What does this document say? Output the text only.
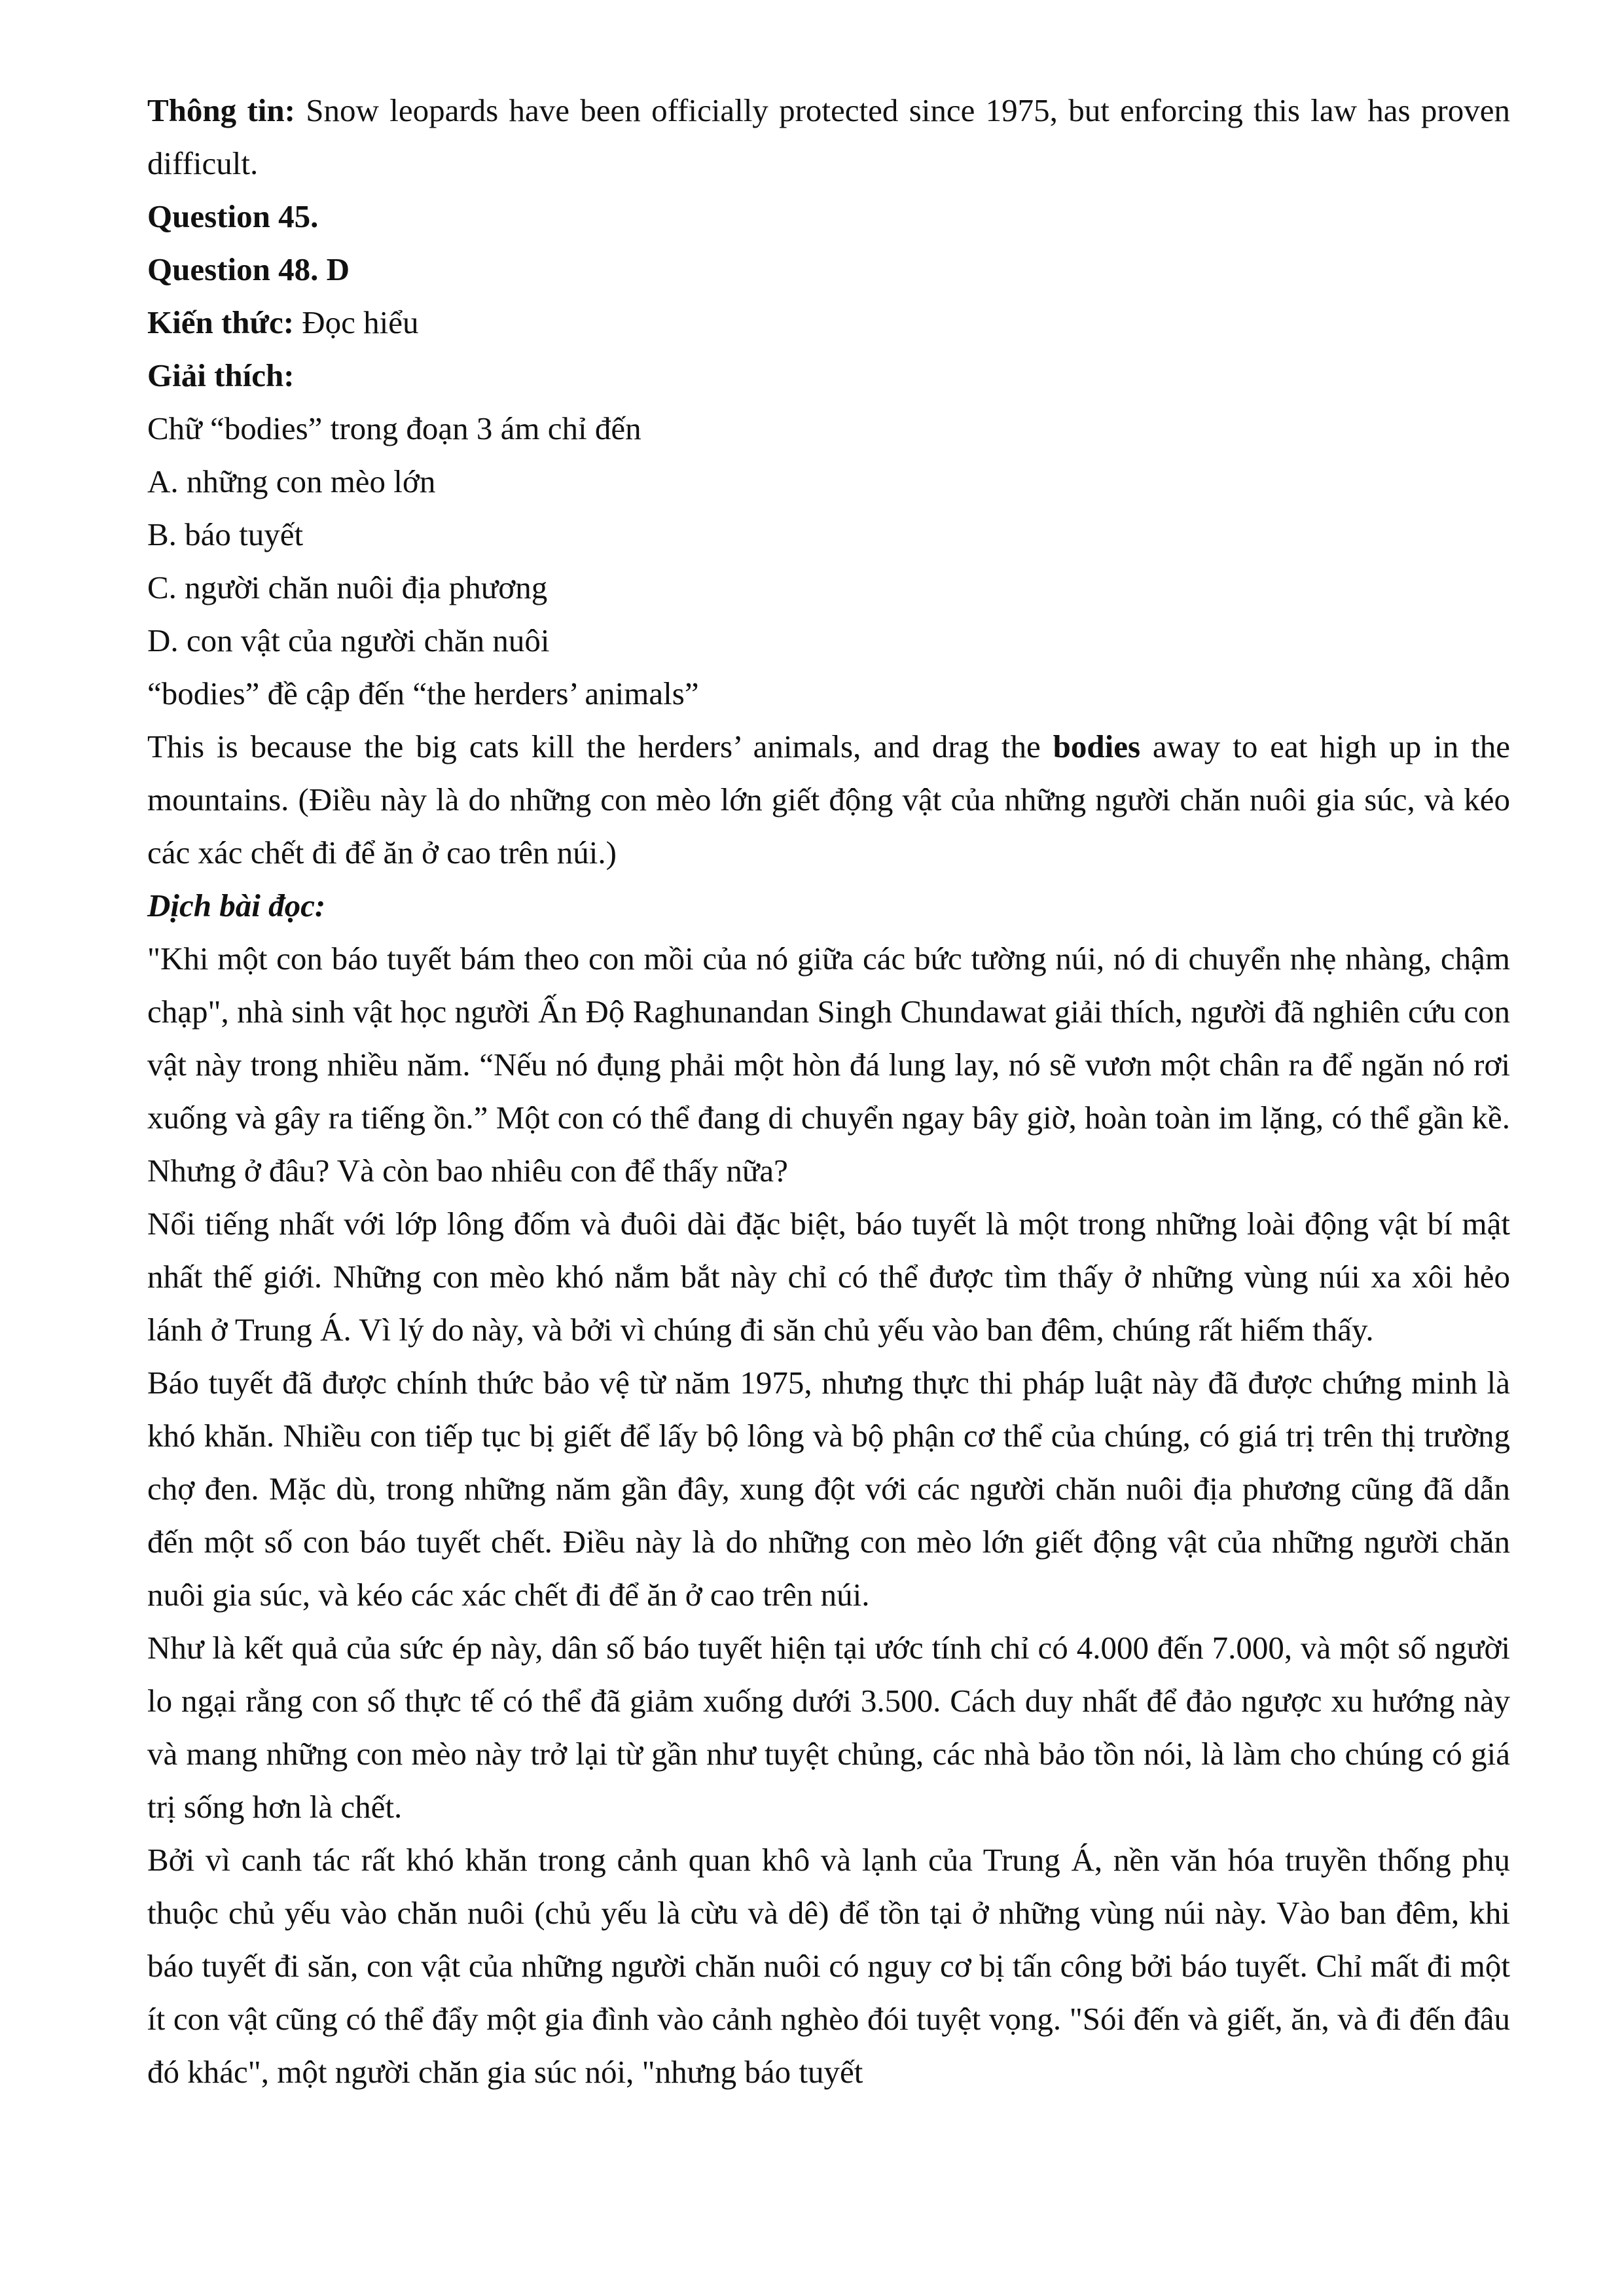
Thông tin: Snow leopards have been officially protected since 1975, but enforcing this law has proven difficult.

Question 45.

Question 48. D

Kiến thức: Đọc hiểu

Giải thích:

Chữ “bodies” trong đoạn 3 ám chỉ đến

A. những con mèo lớn

B. báo tuyết

C. người chăn nuôi địa phương

D. con vật của người chăn nuôi

“bodies” đề cập đến “the herders’ animals”

This is because the big cats kill the herders’ animals, and drag the bodies away to eat high up in the mountains. (Điều này là do những con mèo lớn giết động vật của những người chăn nuôi gia súc, và kéo các xác chết đi để ăn ở cao trên núi.)

Dịch bài đọc:

"Khi một con báo tuyết bám theo con mồi của nó giữa các bức tường núi, nó di chuyển nhẹ nhàng, chậm chạp", nhà sinh vật học người Ấn Độ Raghunandan Singh Chundawat giải thích, người đã nghiên cứu con vật này trong nhiều năm. “Nếu nó đụng phải một hòn đá lung lay, nó sẽ vươn một chân ra để ngăn nó rơi xuống và gây ra tiếng ồn.” Một con có thể đang di chuyển ngay bây giờ, hoàn toàn im lặng, có thể gần kề. Nhưng ở đâu? Và còn bao nhiêu con để thấy nữa?

Nổi tiếng nhất với lớp lông đốm và đuôi dài đặc biệt, báo tuyết là một trong những loài động vật bí mật nhất thế giới. Những con mèo khó nắm bắt này chỉ có thể được tìm thấy ở những vùng núi xa xôi hẻo lánh ở Trung Á. Vì lý do này, và bởi vì chúng đi săn chủ yếu vào ban đêm, chúng rất hiếm thấy.

Báo tuyết đã được chính thức bảo vệ từ năm 1975, nhưng thực thi pháp luật này đã được chứng minh là khó khăn. Nhiều con tiếp tục bị giết để lấy bộ lông và bộ phận cơ thể của chúng, có giá trị trên thị trường chợ đen. Mặc dù, trong những năm gần đây, xung đột với các người chăn nuôi địa phương cũng đã dẫn đến một số con báo tuyết chết. Điều này là do những con mèo lớn giết động vật của những người chăn nuôi gia súc, và kéo các xác chết đi để ăn ở cao trên núi.

Như là kết quả của sức ép này, dân số báo tuyết hiện tại ước tính chỉ có 4.000 đến 7.000, và một số người lo ngại rằng con số thực tế có thể đã giảm xuống dưới 3.500. Cách duy nhất để đảo ngược xu hướng này và mang những con mèo này trở lại từ gần như tuyệt chủng, các nhà bảo tồn nói, là làm cho chúng có giá trị sống hơn là chết.

Bởi vì canh tác rất khó khăn trong cảnh quan khô và lạnh của Trung Á, nền văn hóa truyền thống phụ thuộc chủ yếu vào chăn nuôi (chủ yếu là cừu và dê) để tồn tại ở những vùng núi này. Vào ban đêm, khi báo tuyết đi săn, con vật của những người chăn nuôi có nguy cơ bị tấn công bởi báo tuyết. Chỉ mất đi một ít con vật cũng có thể đẩy một gia đình vào cảnh nghèo đói tuyệt vọng. "Sói đến và giết, ăn, và đi đến đâu đó khác", một người chăn gia súc nói, "nhưng báo tuyết
